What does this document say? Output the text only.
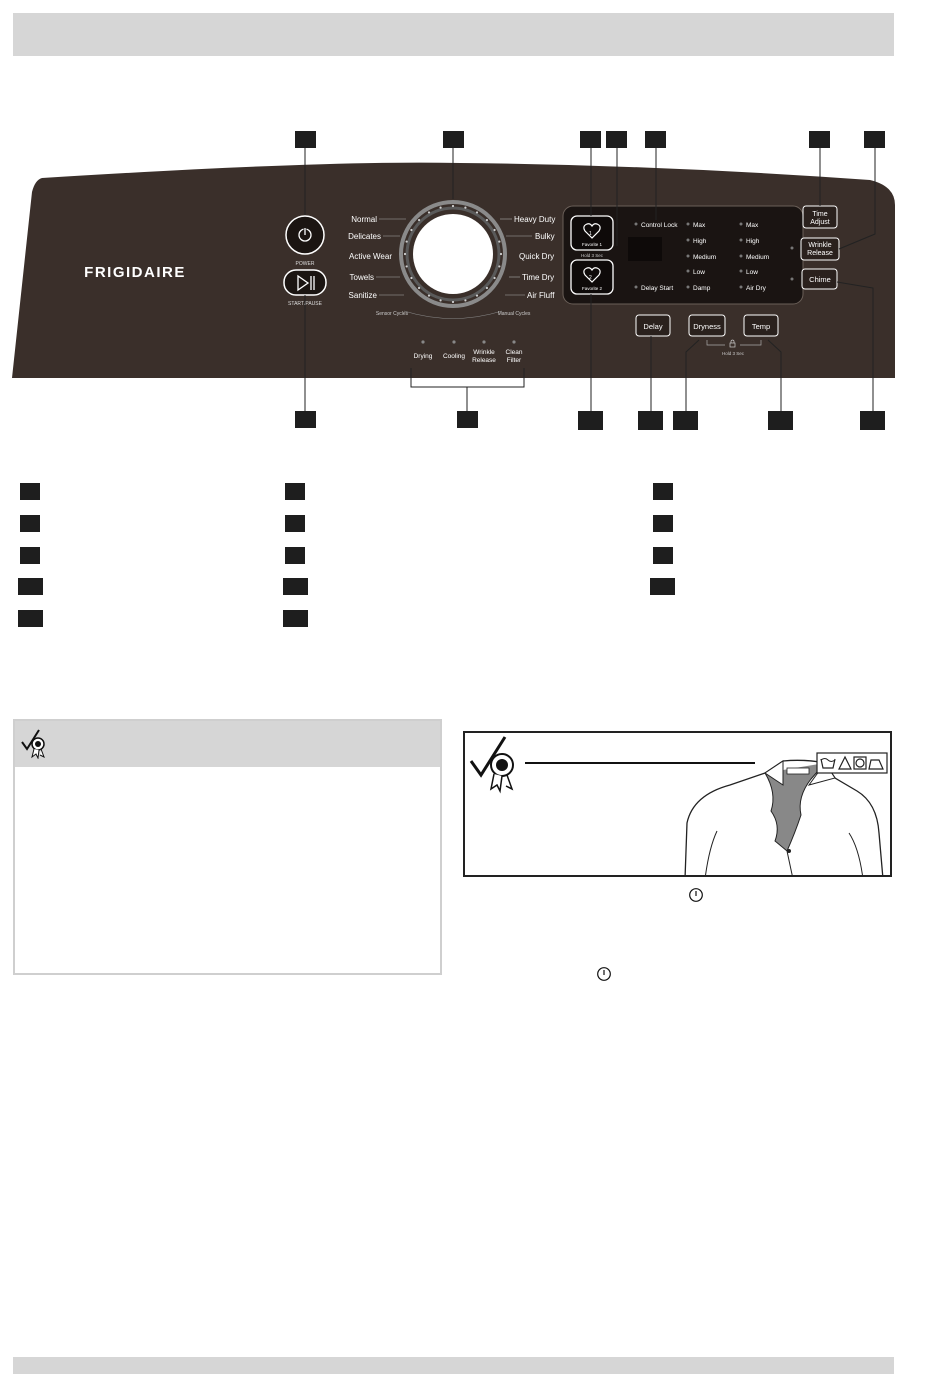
FRIGIDAIRE	POWER
START/PAUSE
Normal
Delicates
Active Wear
Towels
Sanitize
Heavy Duty
Bulky
Quick Dry
Time Dry
Air Fluff
Sensor Cycles	Manual Cycles
Drying Cooling
Wrinkle Release
Clean Filter
1
Favorite 1
Hold 3 Sec
2
Favorite 2
Control Lock
Delay Start
Max
High
Medium
Low
Damp
Max
High
Medium
Low
Air Dry
Delay	Dryness	Temp
Hold 3 Sec
Time Adjust
Wrinkle Release
Chime
